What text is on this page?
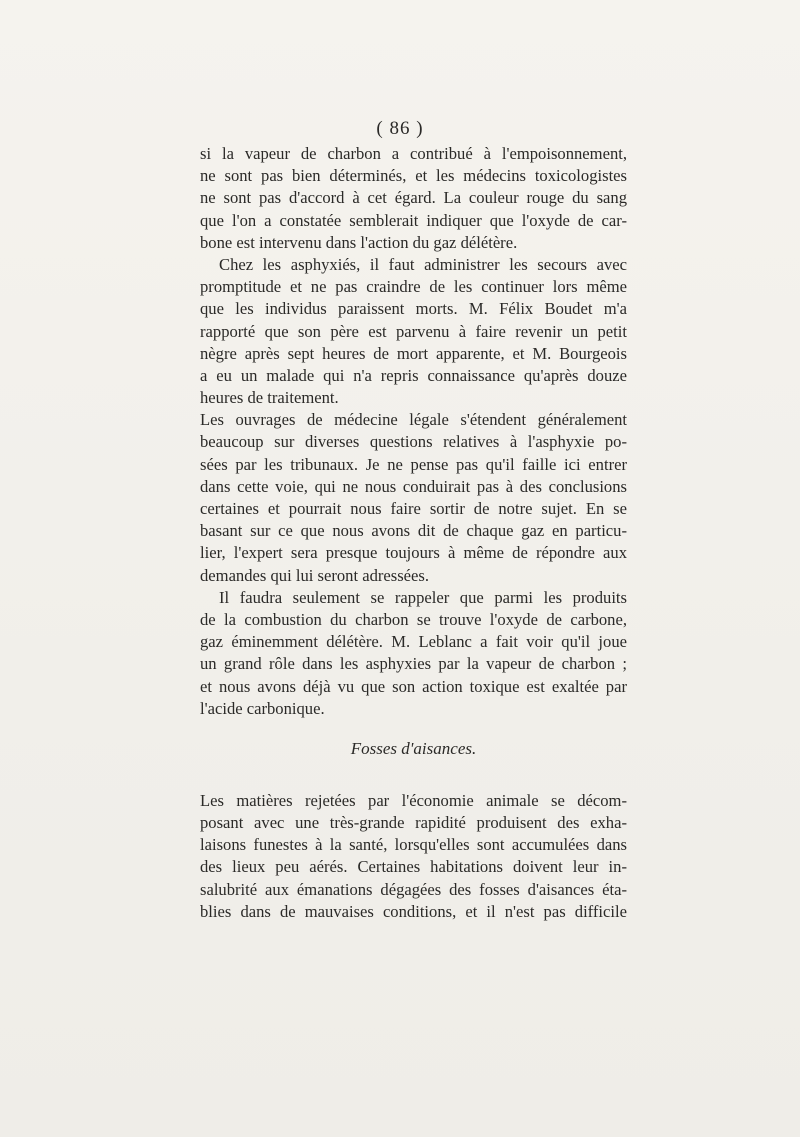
( 86 )
si la vapeur de charbon a contribué à l'empoisonnement,
ne sont pas bien déterminés, et les médecins toxicologistes
ne sont pas d'accord à cet égard. La couleur rouge du sang
que l'on a constatée semblerait indiquer que l'oxyde de car-
bone est intervenu dans l'action du gaz délétère.
Chez les asphyxiés, il faut administrer les secours avec
promptitude et ne pas craindre de les continuer lors même
que les individus paraissent morts. M. Félix Boudet m'a
rapporté que son père est parvenu à faire revenir un petit
nègre après sept heures de mort apparente, et M. Bourgeois
a eu un malade qui n'a repris connaissance qu'après douze
heures de traitement.
Les ouvrages de médecine légale s'étendent généralement
beaucoup sur diverses questions relatives à l'asphyxie po-
sées par les tribunaux. Je ne pense pas qu'il faille ici entrer
dans cette voie, qui ne nous conduirait pas à des conclusions
certaines et pourrait nous faire sortir de notre sujet. En se
basant sur ce que nous avons dit de chaque gaz en particu-
lier, l'expert sera presque toujours à même de répondre aux
demandes qui lui seront adressées.
Il faudra seulement se rappeler que parmi les produits
de la combustion du charbon se trouve l'oxyde de carbone,
gaz éminemment délétère. M. Leblanc a fait voir qu'il joue
un grand rôle dans les asphyxies par la vapeur de charbon ;
et nous avons déjà vu que son action toxique est exaltée par
l'acide carbonique.
Fosses d'aisances.
Les matières rejetées par l'économie animale se décom-
posant avec une très-grande rapidité produisent des exha-
laisons funestes à la santé, lorsqu'elles sont accumulées dans
des lieux peu aérés. Certaines habitations doivent leur in-
salubrité aux émanations dégagées des fosses d'aisances éta-
blies dans de mauvaises conditions, et il n'est pas difficile
